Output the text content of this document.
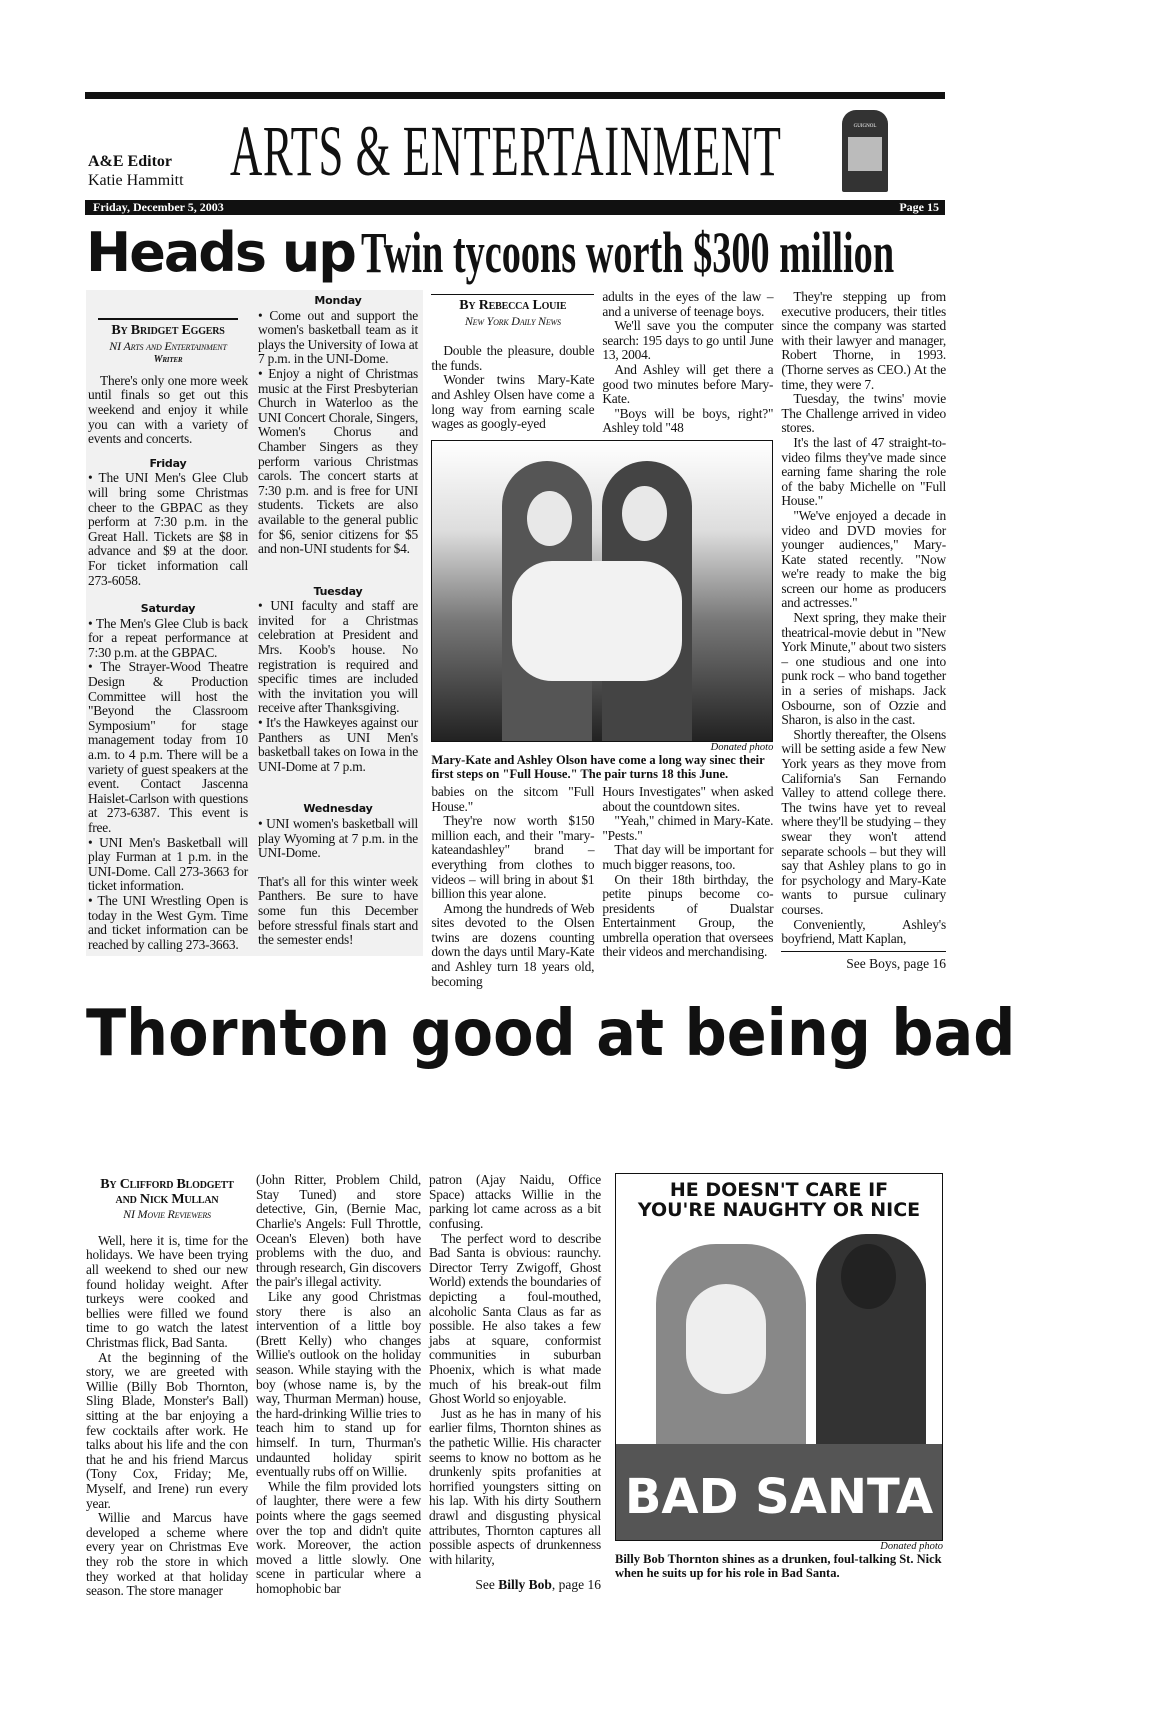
A&E Editor
Katie Hammitt ARTS & ENTERTAINMENT	GUIGNOL
Friday, December 5, 2003	Page 15
Heads up Twin tycoons worth $300 million
By Bridget Eggers
NI Arts and Entertainment
Writer

There's only one more week until finals so get out this weekend and enjoy it while you can with a variety of events and concerts.

Friday

• The UNI Men's Glee Club will bring some Christmas cheer to the GBPAC as they perform at 7:30 p.m. in the Great Hall. Tickets are $8 in advance and $9 at the door. For ticket information call 273-6058.

Saturday

• The Men's Glee Club is back for a repeat performance at 7:30 p.m. at the GBPAC.

• The Strayer-Wood Theatre Design & Production Committee will host the "Beyond the Classroom Symposium" for stage management today from 10 a.m. to 4 p.m. There will be a variety of guest speakers at the event. Contact Jascenna Haislet-Carlson with questions at 273-6387. This event is free.

• UNI Men's Basketball will play Furman at 1 p.m. in the UNI-Dome. Call 273-3663 for ticket information.

• The UNI Wrestling Open is today in the West Gym. Time and ticket information can be reached by calling 273-3663.

Monday

• Come out and support the women's basketball team as it plays the University of Iowa at 7 p.m. in the UNI-Dome.

• Enjoy a night of Christmas music at the First Presbyterian Church in Waterloo as the UNI Concert Chorale, Singers, Women's Chorus and Chamber Singers as they perform various Christmas carols. The concert starts at 7:30 p.m. and is free for UNI students. Tickets are also available to the general public for $6, senior citizens for $5 and non-UNI students for $4.

Tuesday

• UNI faculty and staff are invited for a Christmas celebration at President and Mrs. Koob's house. No registration is required and specific times are included with the invitation you will receive after Thanksgiving.

• It's the Hawkeyes against our Panthers as UNI Men's basketball takes on Iowa in the UNI-Dome at 7 p.m.

Wednesday

• UNI women's basketball will play Wyoming at 7 p.m. in the UNI-Dome.

That's all for this winter week Panthers. Be sure to have some fun this December before stressful finals start and the semester ends!

By Rebecca Louie
New York Daily News

Double the pleasure, double the funds.

Wonder twins Mary-Kate and Ashley Olsen have come a long way from earning scale wages as googly-eyed

adults in the eyes of the law – and a universe of teenage boys.

We'll save you the computer search: 195 days to go until June 13, 2004.

And Ashley will get there a good two minutes before Mary-Kate.

"Boys will be boys, right?" Ashley told "48

Donated photo
Mary-Kate and Ashley Olson have come a long way sinec their first steps on "Full House." The pair turns 18 this June.

babies on the sitcom "Full House."

They're now worth $150 million each, and their "mary-kateandashley" brand – everything from clothes to videos – will bring in about $1 billion this year alone.

Among the hundreds of Web sites devoted to the Olsen twins are dozens counting down the days until Mary-Kate and Ashley turn 18 years old, becoming

Hours Investigates" when asked about the countdown sites.

"Yeah," chimed in Mary-Kate. "Pests."

That day will be important for much bigger reasons, too.

On their 18th birthday, the petite pinups become co-presidents of Dualstar Entertainment Group, the umbrella operation that oversees their videos and merchandising.

They're stepping up from executive producers, their titles since the company was started with their lawyer and manager, Robert Thorne, in 1993. (Thorne serves as CEO.) At the time, they were 7.

Tuesday, the twins' movie The Challenge arrived in video stores.

It's the last of 47 straight-to-video films they've made since earning fame sharing the role of the baby Michelle on "Full House."

"We've enjoyed a decade in video and DVD movies for younger audiences," Mary-Kate stated recently. "Now we're ready to make the big screen our home as producers and actresses."

Next spring, they make their theatrical-movie debut in "New York Minute," about two sisters – one studious and one into punk rock – who band together in a series of mishaps. Jack Osbourne, son of Ozzie and Sharon, is also in the cast.

Shortly thereafter, the Olsens will be setting aside a few New York years as they move from California's San Fernando Valley to attend college there. The twins have yet to reveal where they'll be studying – they swear they won't attend separate schools – but they will say that Ashley plans to go in for psychology and Mary-Kate wants to pursue culinary courses.

Conveniently, Ashley's boyfriend, Matt Kaplan,

See Boys, page 16
Thornton good at being bad
By Clifford Blodgett
and Nick Mullan
NI Movie Reviewers

Well, here it is, time for the holidays. We have been trying all weekend to shed our new found holiday weight. After turkeys were cooked and bellies were filled we found time to go watch the latest Christmas flick, Bad Santa.

At the beginning of the story, we are greeted with Willie (Billy Bob Thornton, Sling Blade, Monster's Ball) sitting at the bar enjoying a few cocktails after work. He talks about his life and the con that he and his friend Marcus (Tony Cox, Friday; Me, Myself, and Irene) run every year.

Willie and Marcus have developed a scheme where every year on Christmas Eve they rob the store in which they worked at that holiday season. The store manager

(John Ritter, Problem Child, Stay Tuned) and store detective, Gin, (Bernie Mac, Charlie's Angels: Full Throttle, Ocean's Eleven) both have problems with the duo, and through research, Gin discovers the pair's illegal activity.

Like any good Christmas story there is also an intervention of a little boy (Brett Kelly) who changes Willie's outlook on the holiday season. While staying with the boy (whose name is, by the way, Thurman Merman) house, the hard-drinking Willie tries to teach him to stand up for himself. In turn, Thurman's undaunted holiday spirit eventually rubs off on Willie.

While the film provided lots of laughter, there were a few points where the gags seemed over the top and didn't quite work. Moreover, the action moved a little slowly. One scene in particular where a homophobic bar

patron (Ajay Naidu, Office Space) attacks Willie in the parking lot came across as a bit confusing.

The perfect word to describe Bad Santa is obvious: raunchy. Director Terry Zwigoff, Ghost World) extends the boundaries of depicting a foul-mouthed, alcoholic Santa Claus as far as possible. He also takes a few jabs at square, conformist communities in suburban Phoenix, which is what made much of his break-out film Ghost World so enjoyable.

Just as he has in many of his earlier films, Thornton shines as the pathetic Willie. His character seems to know no bottom as he drunkenly spits profanities at horrified youngsters sitting on his lap. With his dirty Southern drawl and disgusting physical attributes, Thornton captures all possible aspects of drunkenness with hilarity,

See Billy Bob, page 16
HE DOESN'T CARE IF YOU'RE NAUGHTY OR NICE
BAD SANTA
Donated photo
Billy Bob Thornton shines as a drunken, foul-talking St. Nick when he suits up for his role in Bad Santa.
